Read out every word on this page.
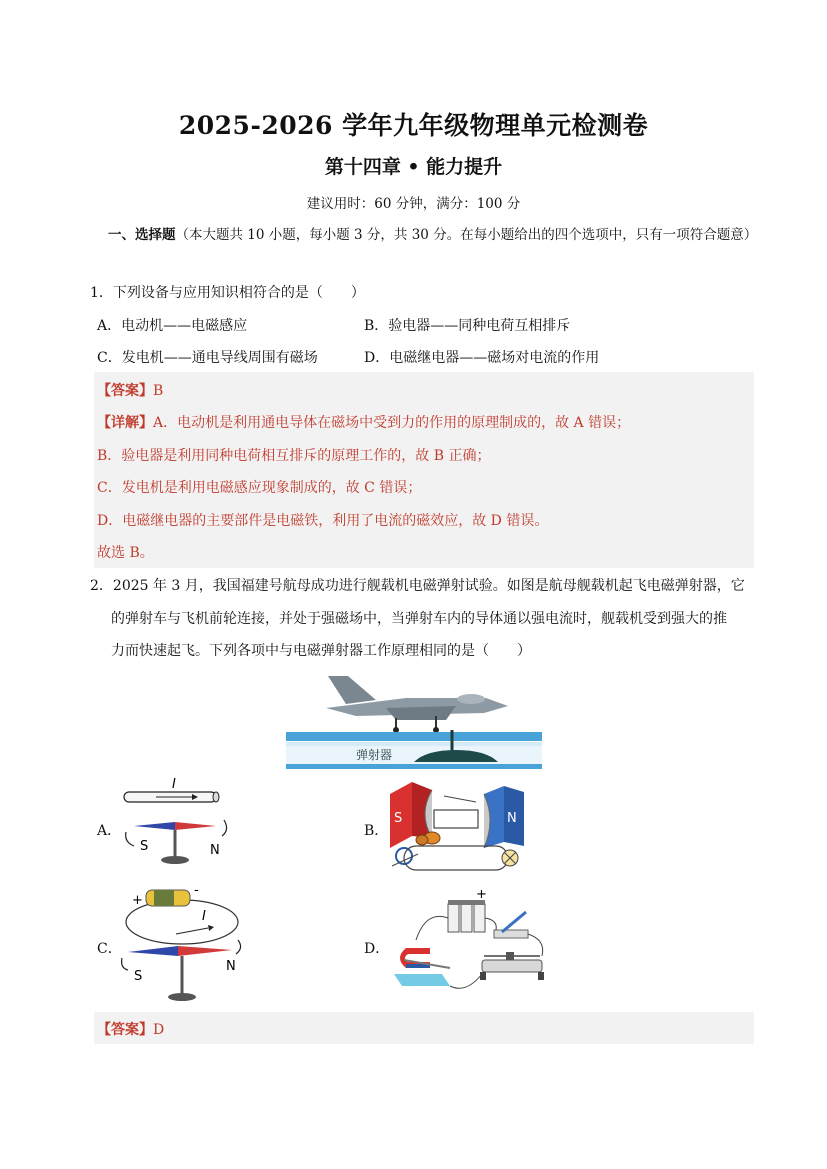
2025-2026 学年九年级物理单元检测卷
第十四章 • 能力提升
建议用时：60 分钟，满分：100 分
一、选择题（本大题共 10 小题，每小题 3 分，共 30 分。在每小题给出的四个选项中，只有一项符合题意）
1．下列设备与应用知识相符合的是（　　）
A．电动机——电磁感应	B．验电器——同种电荷互相排斥
C．发电机——通电导线周围有磁场	D．电磁继电器——磁场对电流的作用
【答案】B
【详解】A．电动机是利用通电导体在磁场中受到力的作用的原理制成的，故 A 错误；
B．验电器是利用同种电荷相互排斥的原理工作的，故 B 正确；
C．发电机是利用电磁感应现象制成的，故 C 错误；
D．电磁继电器的主要部件是电磁铁，利用了电流的磁效应，故 D 错误。
故选 B。
2．2025 年 3 月，我国福建号航母成功进行舰载机电磁弹射试验。如图是航母舰载机起飞电磁弹射器，它
的弹射车与飞机前轮连接，并处于强磁场中，当弹射车内的导体通以强电流时，舰载机受到强大的推
力而快速起飞。下列各项中与电磁弹射器工作原理相同的是（　　）
弹射器
A．	B．
C．	D．
I
S	N
S	N
+
-
I
S
N
+
【答案】D
